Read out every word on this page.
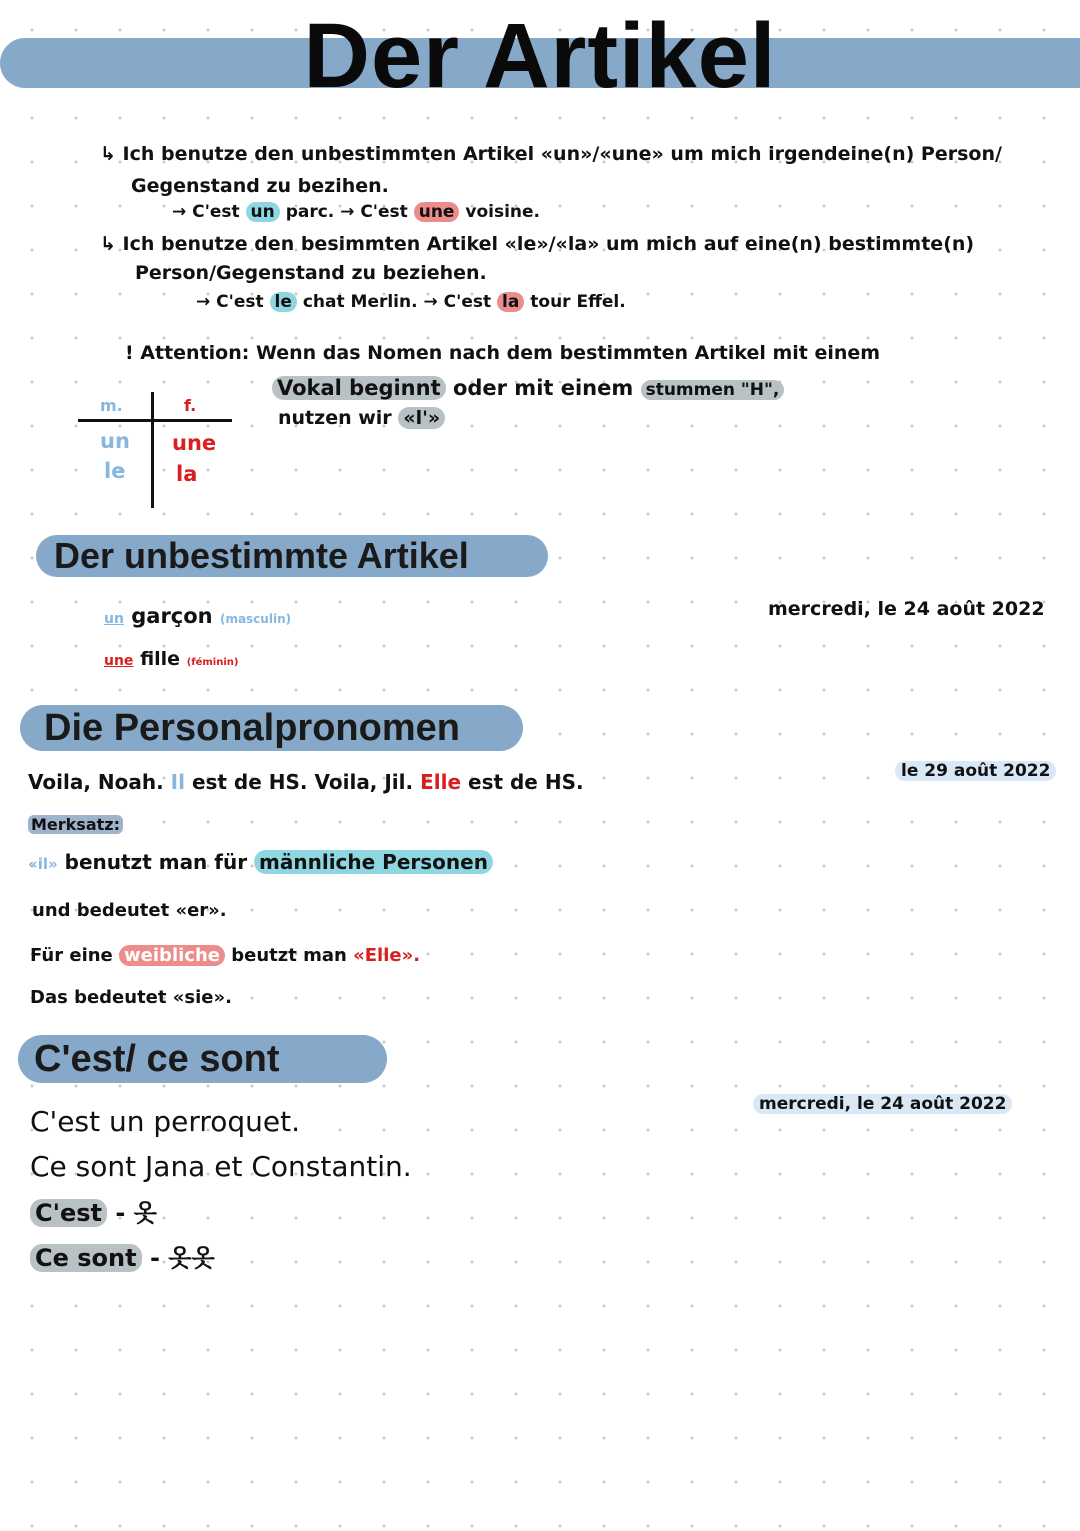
Der Artikel
↳ Ich benutze den unbestimmten Artikel «un»/«une» um mich irgendeine(n) Person/
Gegenstand zu bezihen.
→ C'est un parc. → C'est une voisine.
↳ Ich benutze den besimmten Artikel «le»/«la» um mich auf eine(n) bestimmte(n)
Person/Gegenstand zu beziehen.
→ C'est le chat Merlin. → C'est la tour Effel.
! Attention: Wenn das Nomen nach dem bestimmten Artikel mit einem
Vokal beginnt oder mit einem stummen "H",
nutzen wir «l'»
m.	f.
un
le
une
la
Der unbestimmte Artikel
mercredi, le 24 août 2022
un garçon (masculin)
une fille (féminin)
Die Personalpronomen
le 29 août 2022
Voila, Noah. Il est de HS. Voila, Jil. Elle est de HS.
Merksatz:
«il» benutzt man für männliche Personen
und bedeutet «er».
Für eine weibliche beutzt man «Elle».
Das bedeutet «sie».
C'est/ ce sont
mercredi, le 24 août 2022
C'est un perroquet.
Ce sont Jana et Constantin.
C'est - 옷
Ce sont - 옷옷
